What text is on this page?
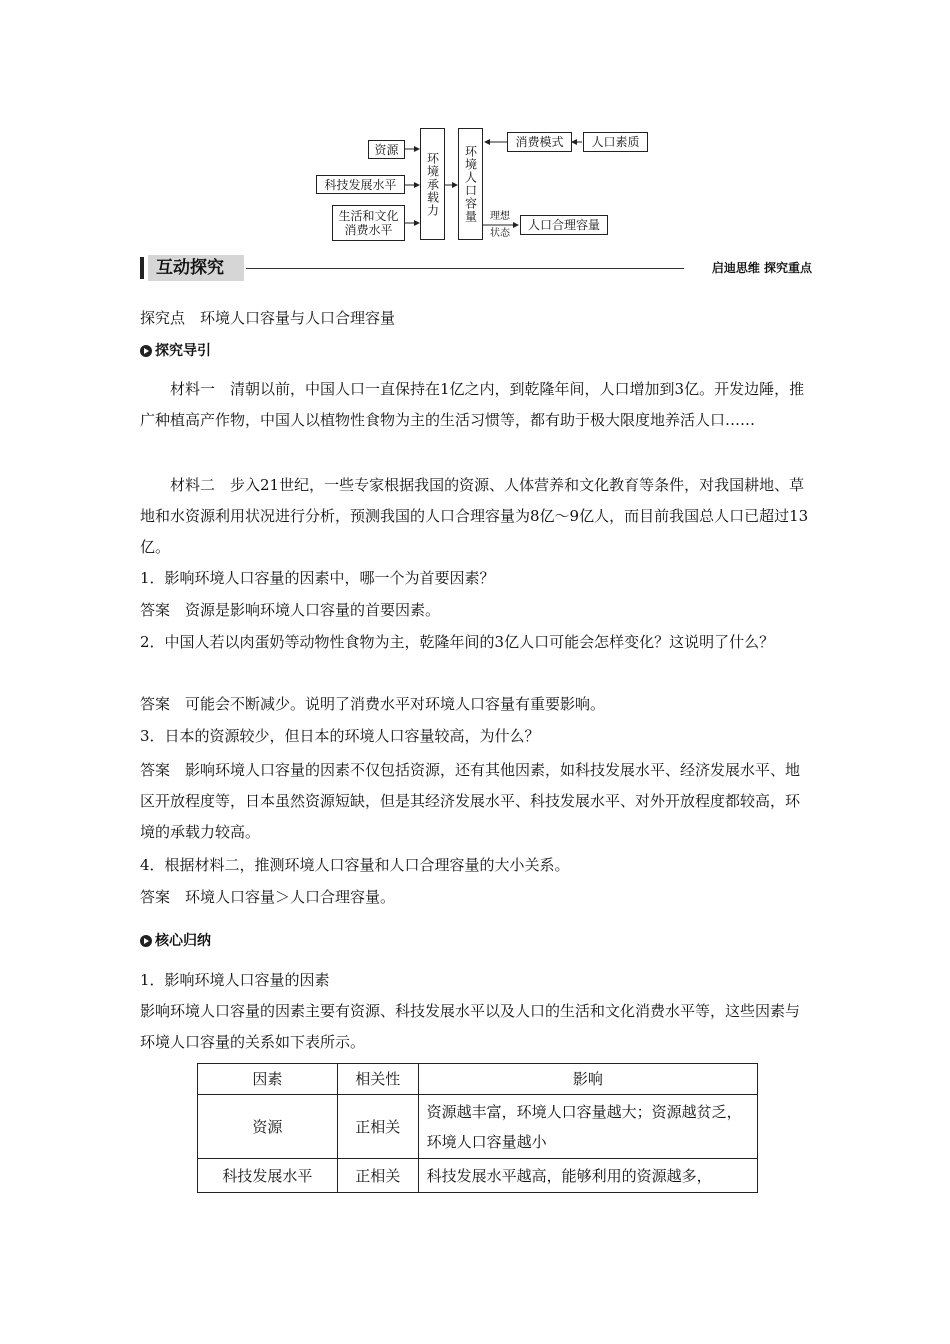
资源
科技发展水平
生活和文化
消费水平
环境承载力 环境人口容量
消费模式	人口素质
理想
状态
人口合理容量
互动探究	启迪思维 探究重点
探究点　环境人口容量与人口合理容量
探究导引
材料一　清朝以前，中国人口一直保持在1亿之内，到乾隆年间，人口增加到3亿。开发边陲，推广种植高产作物，中国人以植物性食物为主的生活习惯等，都有助于极大限度地养活人口……
材料二　步入21世纪，一些专家根据我国的资源、人体营养和文化教育等条件，对我国耕地、草地和水资源利用状况进行分析，预测我国的人口合理容量为8亿～9亿人，而目前我国总人口已超过13亿。
1．影响环境人口容量的因素中，哪一个为首要因素？
答案　资源是影响环境人口容量的首要因素。
2．中国人若以肉蛋奶等动物性食物为主，乾隆年间的3亿人口可能会怎样变化？这说明了什么？
答案　可能会不断减少。说明了消费水平对环境人口容量有重要影响。
3．日本的资源较少，但日本的环境人口容量较高，为什么？
答案　影响环境人口容量的因素不仅包括资源，还有其他因素，如科技发展水平、经济发展水平、地区开放程度等，日本虽然资源短缺，但是其经济发展水平、科技发展水平、对外开放程度都较高，环境的承载力较高。
4．根据材料二，推测环境人口容量和人口合理容量的大小关系。
答案　环境人口容量＞人口合理容量。
核心归纳
1．影响环境人口容量的因素
影响环境人口容量的因素主要有资源、科技发展水平以及人口的生活和文化消费水平等，这些因素与环境人口容量的关系如下表所示。
因素	相关性	影响
资源	正相关	资源越丰富，环境人口容量越大；资源越贫乏，环境人口容量越小
科技发展水平	正相关	科技发展水平越高，能够利用的资源越多，
